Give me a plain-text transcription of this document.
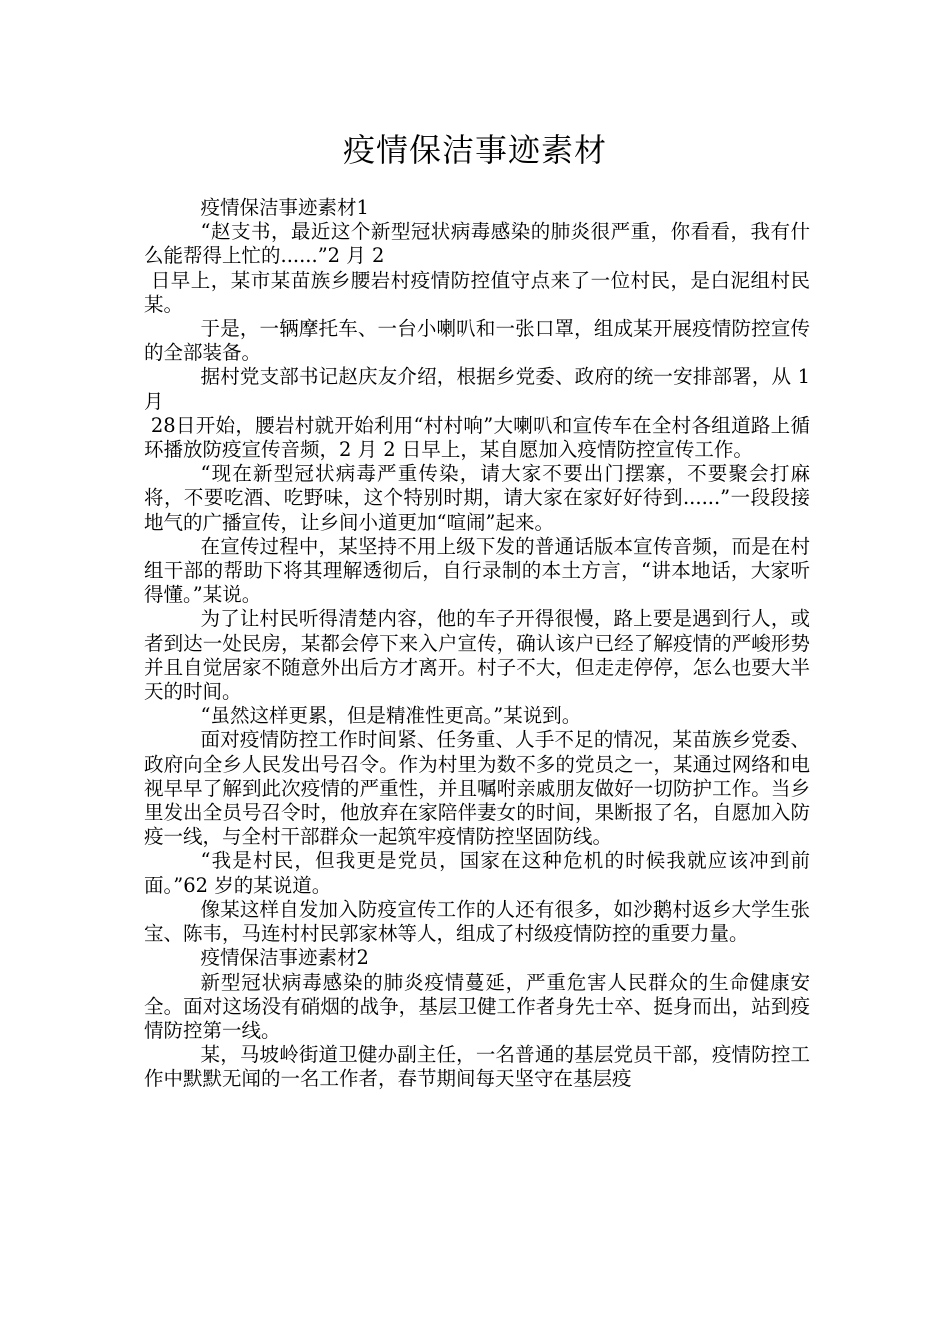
疫情保洁事迹素材

疫情保洁事迹素材1

“赵支书，最近这个新型冠状病毒感染的肺炎很严重，你看看，我有什么能帮得上忙的......”2 月 2

日早上，某市某苗族乡腰岩村疫情防控值守点来了一位村民，是白泥组村民某。

于是，一辆摩托车、一台小喇叭和一张口罩，组成某开展疫情防控宣传的全部装备。

据村党支部书记赵庆友介绍，根据乡党委、政府的统一安排部署，从 1 月

28日开始，腰岩村就开始利用“村村响”大喇叭和宣传车在全村各组道路上循环播放防疫宣传音频，2 月 2 日早上，某自愿加入疫情防控宣传工作。

“现在新型冠状病毒严重传染，请大家不要出门摆寨，不要聚会打麻将，不要吃酒、吃野味，这个特别时期，请大家在家好好待到......”一段段接地气的广播宣传，让乡间小道更加“喧闹”起来。

在宣传过程中，某坚持不用上级下发的普通话版本宣传音频，而是在村组干部的帮助下将其理解透彻后，自行录制的本土方言，“讲本地话，大家听得懂。”某说。

为了让村民听得清楚内容，他的车子开得很慢，路上要是遇到行人，或者到达一处民房，某都会停下来入户宣传，确认该户已经了解疫情的严峻形势并且自觉居家不随意外出后方才离开。村子不大，但走走停停，怎么也要大半天的时间。

“虽然这样更累，但是精准性更高。”某说到。

面对疫情防控工作时间紧、任务重、人手不足的情况，某苗族乡党委、政府向全乡人民发出号召令。作为村里为数不多的党员之一，某通过网络和电视早早了解到此次疫情的严重性，并且嘱咐亲戚朋友做好一切防护工作。当乡里发出全员号召令时，他放弃在家陪伴妻女的时间，果断报了名，自愿加入防疫一线，与全村干部群众一起筑牢疫情防控坚固防线。

“我是村民，但我更是党员，国家在这种危机的时候我就应该冲到前面。”62 岁的某说道。

像某这样自发加入防疫宣传工作的人还有很多，如沙鹅村返乡大学生张宝、陈韦，马连村村民郭家林等人，组成了村级疫情防控的重要力量。

疫情保洁事迹素材2

新型冠状病毒感染的肺炎疫情蔓延，严重危害人民群众的生命健康安全。面对这场没有硝烟的战争，基层卫健工作者身先士卒、挺身而出，站到疫情防控第一线。

某，马坡岭街道卫健办副主任，一名普通的基层党员干部，疫情防控工作中默默无闻的一名工作者，春节期间每天坚守在基层疫
